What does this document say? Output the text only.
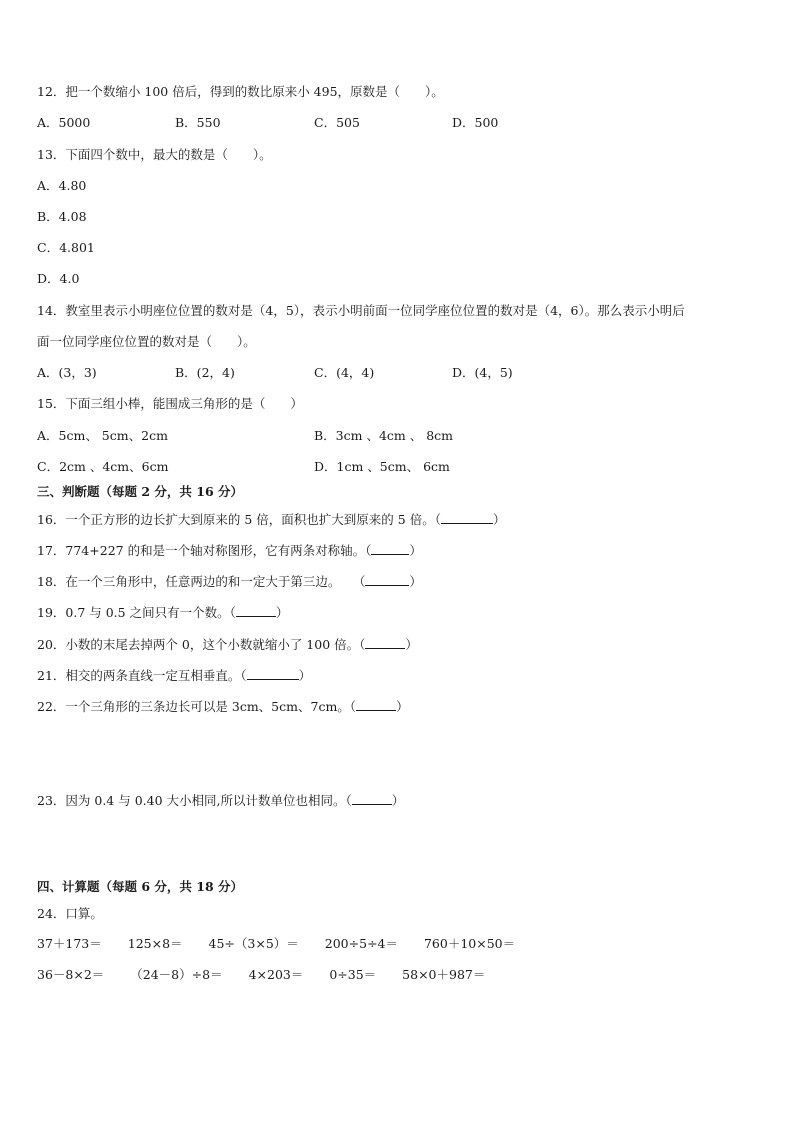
12．把一个数缩小 100 倍后，得到的数比原来小 495，原数是（　　）。
A．5000	B．550	C．505	D．500
13．下面四个数中，最大的数是（　　）。
A．4.80
B．4.08
C．4.801
D．4.0
14．教室里表示小明座位位置的数对是（4，5），表示小明前面一位同学座位位置的数对是（4，6）。那么表示小明后
面一位同学座位位置的数对是（　　）。
A．(3，3)	B．(2，4)	C．(4，4)	D．(4，5)
15．下面三组小棒，能围成三角形的是（　　）
A．5cm、 5cm、2cm	B．3cm 、4cm 、 8cm
C．2cm 、4cm、6cm	D．1cm 、5cm、 6cm
三、判断题（每题 2 分，共 16 分）
16．一个正方形的边长扩大到原来的 5 倍，面积也扩大到原来的 5 倍。（	）
17．774+227 的和是一个轴对称图形，它有两条对称轴。（	）
18．在一个三角形中，任意两边的和一定大于第三边。　　（	）
19．0.7 与 0.5 之间只有一个数。（	）
20．小数的末尾去掉两个 0，这个小数就缩小了 100 倍。（	）
21．相交的两条直线一定互相垂直。（	）
22．一个三角形的三条边长可以是 3cm、5cm、7cm。（	）
23．因为 0.4 与 0.40 大小相同,所以计数单位也相同。（	）
四、计算题（每题 6 分，共 18 分）
24．口算。
37＋173＝ 125×8＝ 45÷（3×5）＝ 200÷5÷4＝ 760＋10×50＝
36－8×2＝ （24－8）÷8＝ 4×203＝ 0÷35＝ 58×0＋987＝
